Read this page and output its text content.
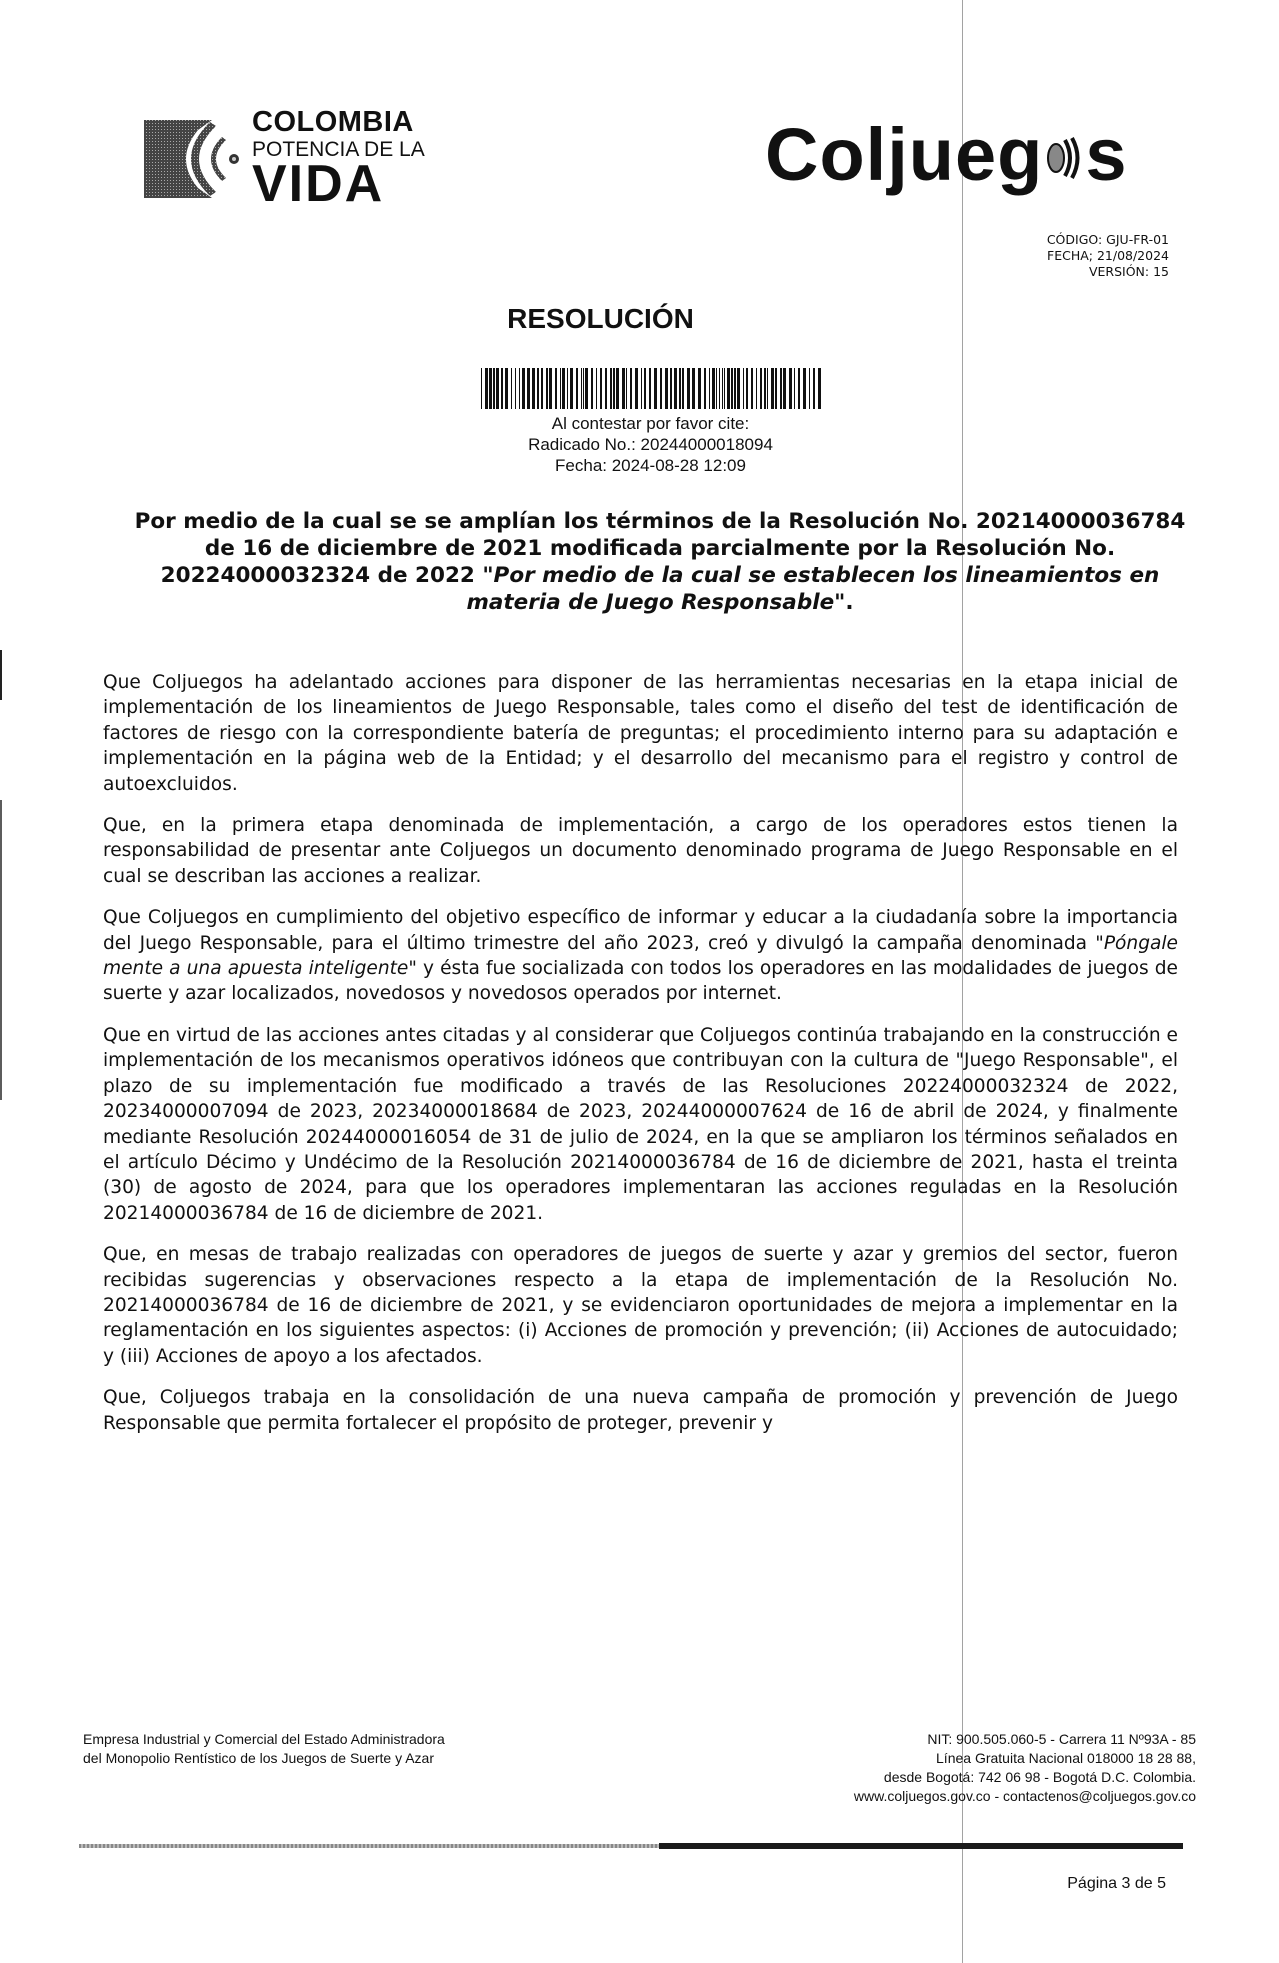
COLOMBIA
POTENCIA DE LA
VIDA	Coljueg s
CÓDIGO: GJU-FR-01
FECHA; 21/08/2024
VERSIÓN: 15
RESOLUCIÓN
Al contestar por favor cite:
Radicado No.: 20244000018094
Fecha: 2024-08-28 12:09
Por medio de la cual se se amplían los términos de la Resolución No. 20214000036784 de 16 de diciembre de 2021 modificada parcialmente por la Resolución No. 20224000032324 de 2022 "Por medio de la cual se establecen los lineamientos en materia de Juego Responsable".

Que Coljuegos ha adelantado acciones para disponer de las herramientas necesarias en la etapa inicial de implementación de los lineamientos de Juego Responsable, tales como el diseño del test de identificación de factores de riesgo con la correspondiente batería de preguntas; el procedimiento interno para su adaptación e implementación en la página web de la Entidad; y el desarrollo del mecanismo para el registro y control de autoexcluidos.

Que, en la primera etapa denominada de implementación, a cargo de los operadores estos tienen la responsabilidad de presentar ante Coljuegos un documento denominado programa de Juego Responsable en el cual se describan las acciones a realizar.

Que Coljuegos en cumplimiento del objetivo específico de informar y educar a la ciudadanía sobre la importancia del Juego Responsable, para el último trimestre del año 2023, creó y divulgó la campaña denominada "Póngale mente a una apuesta inteligente" y ésta fue socializada con todos los operadores en las modalidades de juegos de suerte y azar localizados, novedosos y novedosos operados por internet.

Que en virtud de las acciones antes citadas y al considerar que Coljuegos continúa trabajando en la construcción e implementación de los mecanismos operativos idóneos que contribuyan con la cultura de "Juego Responsable", el plazo de su implementación fue modificado a través de las Resoluciones 20224000032324 de 2022, 20234000007094 de 2023, 20234000018684 de 2023, 20244000007624 de 16 de abril de 2024, y finalmente mediante Resolución 20244000016054 de 31 de julio de 2024, en la que se ampliaron los términos señalados en el artículo Décimo y Undécimo de la Resolución 20214000036784 de 16 de diciembre de 2021, hasta el treinta (30) de agosto de 2024, para que los operadores implementaran las acciones reguladas en la Resolución 20214000036784 de 16 de diciembre de 2021.

Que, en mesas de trabajo realizadas con operadores de juegos de suerte y azar y gremios del sector, fueron recibidas sugerencias y observaciones respecto a la etapa de implementación de la Resolución No. 20214000036784 de 16 de diciembre de 2021, y se evidenciaron oportunidades de mejora a implementar en la reglamentación en los siguientes aspectos: (i) Acciones de promoción y prevención; (ii) Acciones de autocuidado; y (iii) Acciones de apoyo a los afectados.

Que, Coljuegos trabaja en la consolidación de una nueva campaña de promoción y prevención de Juego Responsable que permita fortalecer el propósito de proteger, prevenir y

Empresa Industrial y Comercial del Estado Administradora
del Monopolio Rentístico de los Juegos de Suerte y Azar
NIT: 900.505.060-5 - Carrera 11 Nº93A - 85
Línea Gratuita Nacional 018000 18 28 88,
desde Bogotá: 742 06 98 - Bogotá D.C. Colombia.
www.coljuegos.gov.co - contactenos@coljuegos.gov.co
Página 3 de 5
